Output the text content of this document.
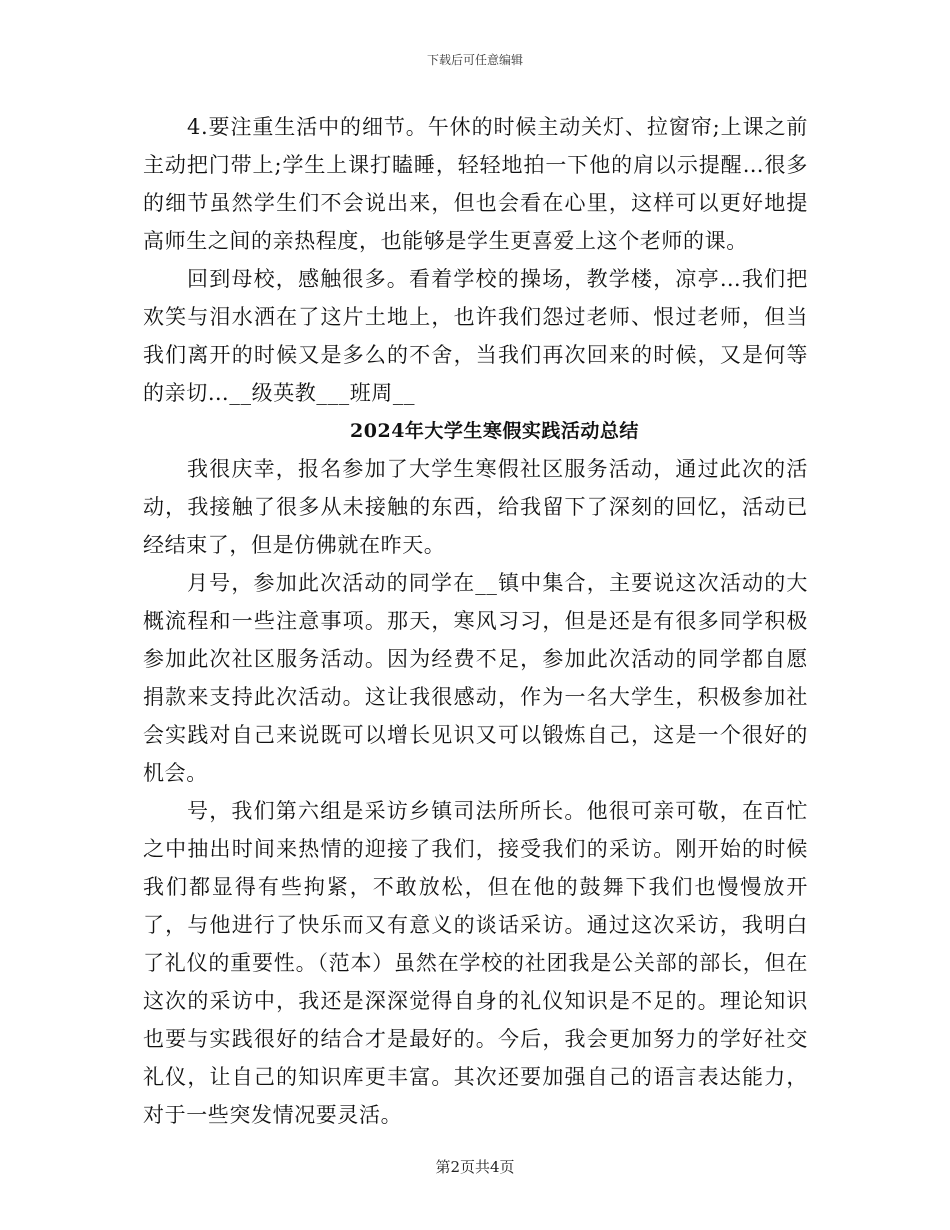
下载后可任意编辑

4.要注重生活中的细节。午休的时候主动关灯、拉窗帘;上课之前主动把门带上;学生上课打瞌睡，轻轻地拍一下他的肩以示提醒…很多的细节虽然学生们不会说出来，但也会看在心里，这样可以更好地提高师生之间的亲热程度，也能够是学生更喜爱上这个老师的课。

回到母校，感触很多。看着学校的操场，教学楼，凉亭…我们把欢笑与泪水洒在了这片土地上，也许我们怨过老师、恨过老师，但当我们离开的时候又是多么的不舍，当我们再次回来的时候，又是何等的亲切…__级英教___班周__

2024年大学生寒假实践活动总结

我很庆幸，报名参加了大学生寒假社区服务活动，通过此次的活动，我接触了很多从未接触的东西，给我留下了深刻的回忆，活动已经结束了，但是仿佛就在昨天。

月号，参加此次活动的同学在__镇中集合，主要说这次活动的大概流程和一些注意事项。那天，寒风习习，但是还是有很多同学积极参加此次社区服务活动。因为经费不足，参加此次活动的同学都自愿捐款来支持此次活动。这让我很感动，作为一名大学生，积极参加社会实践对自己来说既可以增长见识又可以锻炼自己，这是一个很好的机会。

号，我们第六组是采访乡镇司法所所长。他很可亲可敬，在百忙之中抽出时间来热情的迎接了我们，接受我们的采访。刚开始的时候我们都显得有些拘紧，不敢放松，但在他的鼓舞下我们也慢慢放开了，与他进行了快乐而又有意义的谈话采访。通过这次采访，我明白了礼仪的重要性。（范本）虽然在学校的社团我是公关部的部长，但在这次的采访中，我还是深深觉得自身的礼仪知识是不足的。理论知识也要与实践很好的结合才是最好的。今后，我会更加努力的学好社交礼仪，让自己的知识库更丰富。其次还要加强自己的语言表达能力，对于一些突发情况要灵活。

第2页共4页
